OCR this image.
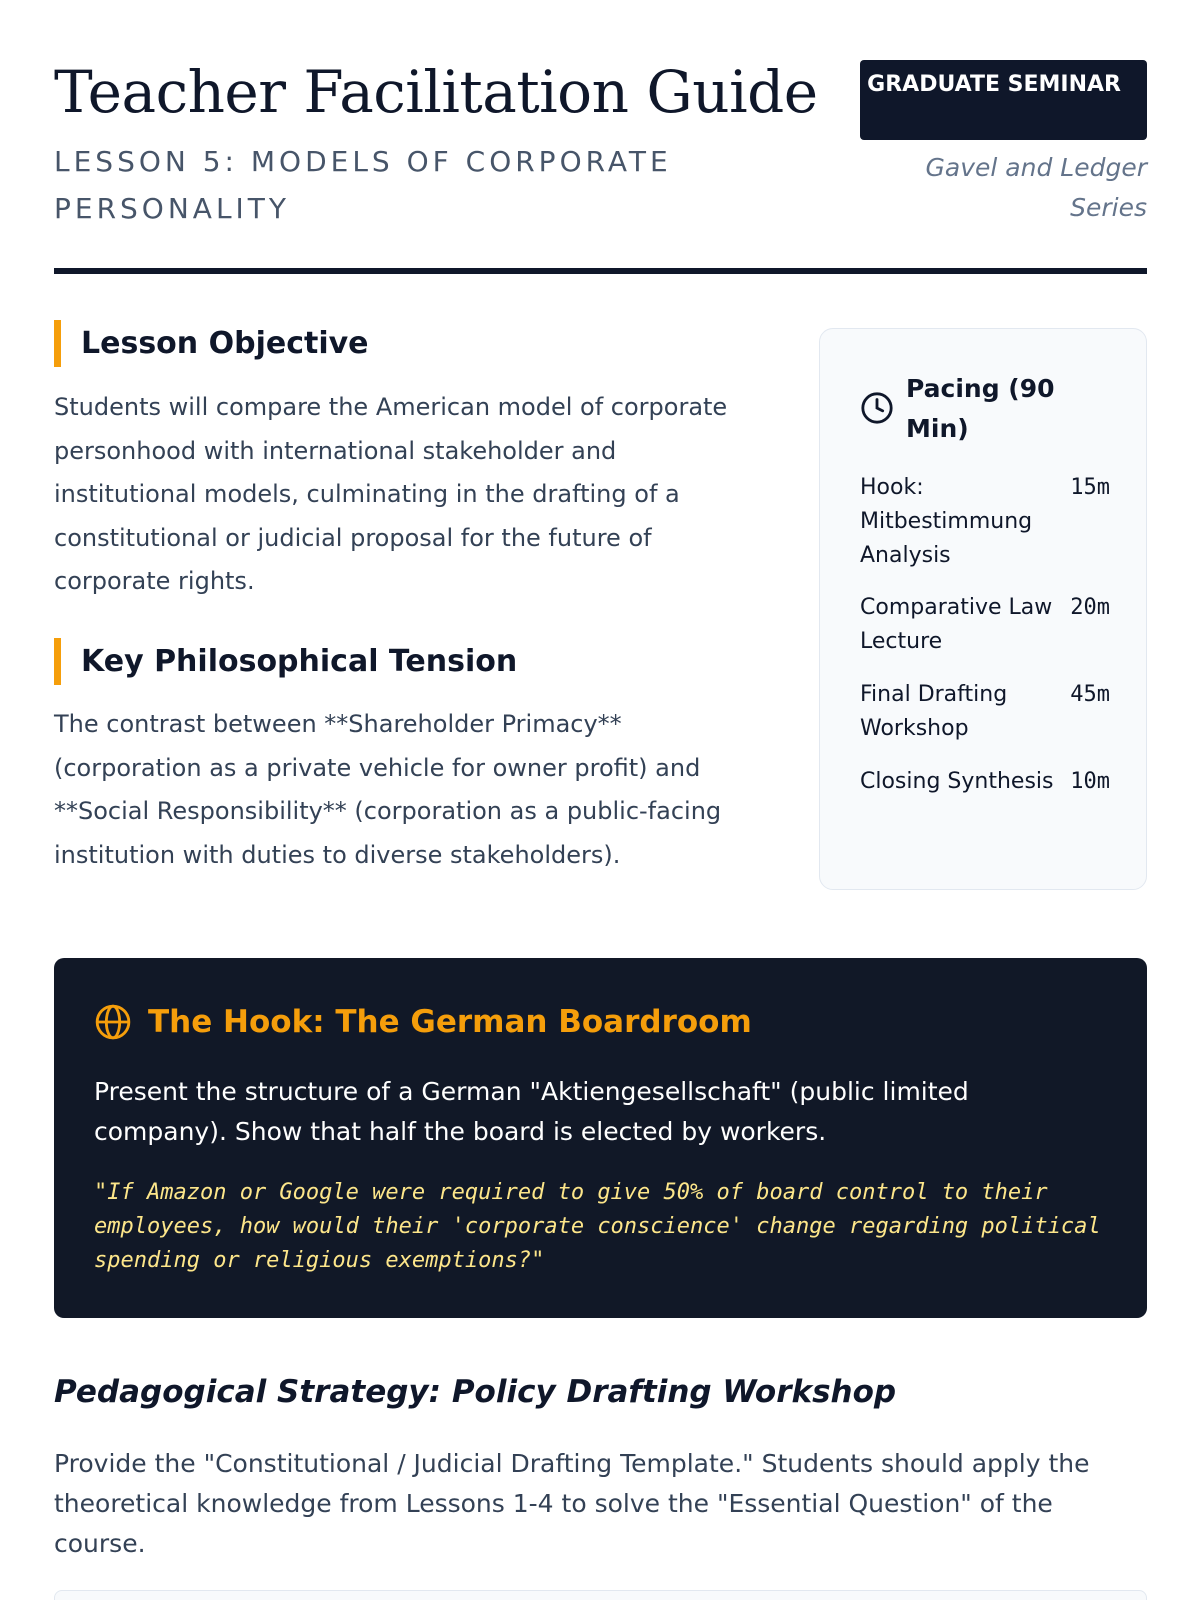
Teacher Facilitation Guide
LESSON 5: MODELS OF CORPORATE PERSONALITY
GRADUATE SEMINAR
Gavel and Ledger Series
Lesson Objective

Students will compare the American model of corporate personhood with international stakeholder and institutional models, culminating in the drafting of a constitutional or judicial proposal for the future of corporate rights.

Key Philosophical Tension

The contrast between **Shareholder Primacy** (corporation as a private vehicle for owner profit) and **Social Responsibility** (corporation as a public-facing institution with duties to diverse stakeholders).

Pacing (90 Min)
Hook: Mitbestimmung Analysis
15m
Comparative Law Lecture
20m
Final Drafting Workshop
45m
Closing Synthesis 10m
The Hook: The German Boardroom

Present the structure of a German "Aktiengesellschaft" (public limited company). Show that half the board is elected by workers.

"If Amazon or Google were required to give 50% of board control to their employees, how would their 'corporate conscience' change regarding political spending or religious exemptions?"

Pedagogical Strategy: Policy Drafting Workshop

Provide the "Constitutional / Judicial Drafting Template." Students should apply the theoretical knowledge from Lessons 1-4 to solve the "Essential Question" of the course.
